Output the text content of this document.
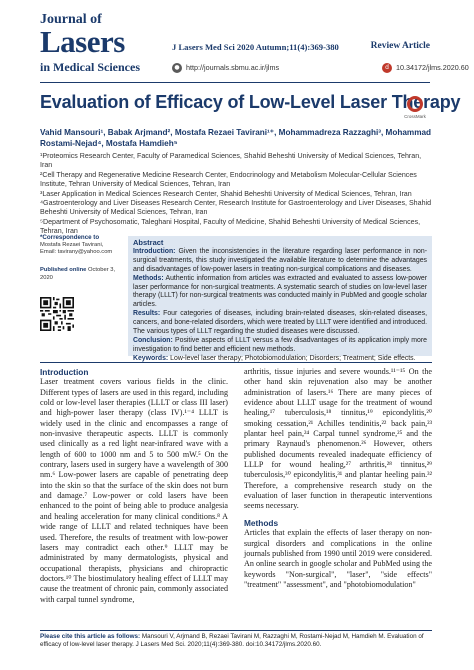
Journal of
Lasers
in Medical Sciences
J Lasers Med Sci 2020 Autumn;11(4):369-380	Review Article
● http://journals.sbmu.ac.ir/jlms	d 10.34172/jlms.2020.60
Evaluation of Efficacy of Low-Level Laser Therapy
CrossMark
Vahid Mansouri¹, Babak Arjmand², Mostafa Rezaei Tavirani¹⁺, Mohammadreza Razzaghi³, Mohammad Rostami-Nejad⁴, Mostafa Hamdieh⁵
¹Proteomics Research Center, Faculty of Paramedical Sciences, Shahid Beheshti University of Medical Sciences, Tehran, Iran
²Cell Therapy and Regenerative Medicine Research Center, Endocrinology and Metabolism Molecular-Cellular Sciences Institute, Tehran University of Medical Sciences, Tehran, Iran
³Laser Application in Medical Sciences Research Center, Shahid Beheshti University of Medical Sciences, Tehran, Iran
⁴Gastroenterology and Liver Diseases Research Center, Research Institute for Gastroenterology and Liver Diseases, Shahid Beheshti University of Medical Sciences, Tehran, Iran
⁵Department of Psychosomatic, Taleghani Hospital, Faculty of Medicine, Shahid Beheshti University of Medical Sciences, Tehran, Iran
*Correspondence to
Mostafa Rezaei Tavirani,
Email: tavirany@yahoo.com
Published online October 3, 2020
Abstract

Introduction: Given the inconsistencies in the literature regarding laser performance in non-surgical treatments, this study investigated the available literature to determine the advantages and disadvantages of low-power lasers in treating non-surgical complications and diseases.

Methods: Authentic information from articles was extracted and evaluated to assess low-power laser performance for non-surgical treatments. A systematic search of studies on low-level laser therapy (LLLT) for non-surgical treatments was conducted mainly in PubMed and google scholar articles.

Results: Four categories of diseases, including brain-related diseases, skin-related diseases, cancers, and bone-related disorders, which were treated by LLLT were identified and introduced. The various types of LLLT regarding the studied diseases were discussed.

Conclusion: Positive aspects of LLLT versus a few disadvantages of its application imply more investigation to find better and efficient new methods.

Keywords: Low-level laser therapy; Photobiomodulation; Disorders; Treatment; Side effects.

Introduction

Laser treatment covers various fields in the clinic. Different types of lasers are used in this regard, including cold or low-level laser therapies (LLLT or class III laser) and high-power laser therapy (class IV).¹⁻⁴ LLLT is widely used in the clinic and encompasses a range of non-invasive therapeutic aspects. LLLT is commonly used clinically as a red light near-infrared wave with a length of 600 to 1000 nm and 5 to 500 mW.⁵ On the contrary, lasers used in surgery have a wavelength of 300 nm.⁶ Low-power lasers are capable of penetrating deep into the skin so that the surface of the skin does not burn and damage.⁷ Low-power or cold lasers have been enhanced to the point of being able to produce analgesia and healing acceleration for many clinical conditions.⁸ A wide range of LLLT and related techniques have been used. Therefore, the results of treatment with low-power lasers may contradict each other.⁹ LLLT may be administrated by many dermatologists, physical and occupational therapists, physicians and chiropractic doctors.¹⁰ The biostimulatory healing effect of LLLT may cause the treatment of chronic pain, commonly associated with carpal tunnel syndrome,

arthritis, tissue injuries and severe wounds.¹¹⁻¹⁵ On the other hand skin rejuvenation also may be another administration of lasers.¹⁶ There are many pieces of evidence about LLLT usage for the treatment of wound healing,¹⁷ tuberculosis,¹⁸ tinnitus,¹⁹ epicondylitis,²⁰ smoking cessation,²¹ Achilles tendinitis,²² back pain,²³ plantar heel pain,²⁴ Carpal tunnel syndrome,²⁵ and the primary Raynaud's phenomenon.²⁶ However, others published documents revealed inadequate efficiency of LLLP for wound healing,²⁷ arthritis,²⁸ tinnitus,²⁹ tuberculosis,³⁰ epicondylitis,³¹ and plantar heeling pain.³² Therefore, a comprehensive research study on the evaluation of laser function in therapeutic interventions seems necessary.

Methods

Articles that explain the effects of laser therapy on non-surgical disorders and complications in the online journals published from 1990 until 2019 were considered. An online search in google scholar and PubMed using the keywords "Non-surgical", "laser", "side effects" "treatment" "assessment", and "photobiomodulation"

Please cite this article as follows: Mansouri V, Arjmand B, Rezaei Tavirani M, Razzaghi M, Rostami-Nejad M, Hamdieh M. Evaluation of efficacy of low-level laser therapy. J Lasers Med Sci. 2020;11(4):369-380. doi:10.34172/jlms.2020.60.
